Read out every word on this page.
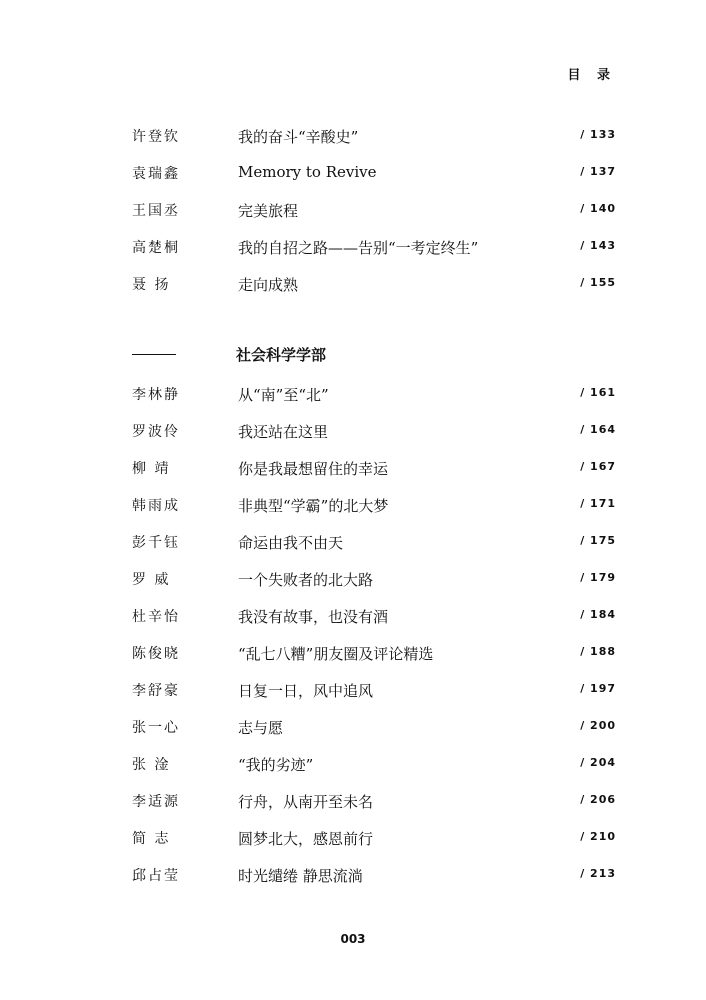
目 录
许登钦	我的奋斗“辛酸史”	/ 133
袁瑞鑫	Memory to Revive	/ 137
王国丞	完美旅程	/ 140
高楚桐	我的自招之路——告别“一考定终生”	/ 143
聂 扬	走向成熟	/ 155
社会科学学部
李林静	从“南”至“北”	/ 161
罗波伶	我还站在这里	/ 164
柳 靖	你是我最想留住的幸运	/ 167
韩雨成	非典型“学霸”的北大梦	/ 171
彭千钰	命运由我不由天	/ 175
罗 威	一个失败者的北大路	/ 179
杜辛怡	我没有故事，也没有酒	/ 184
陈俊晓	“乱七八糟”朋友圈及评论精选	/ 188
李舒豪	日复一日，风中追风	/ 197
张一心	志与愿	/ 200
张 淦	“我的劣迹”	/ 204
李适源	行舟，从南开至未名	/ 206
简 志	圆梦北大，感恩前行	/ 210
邱占莹	时光缱绻 静思流淌	/ 213
003
